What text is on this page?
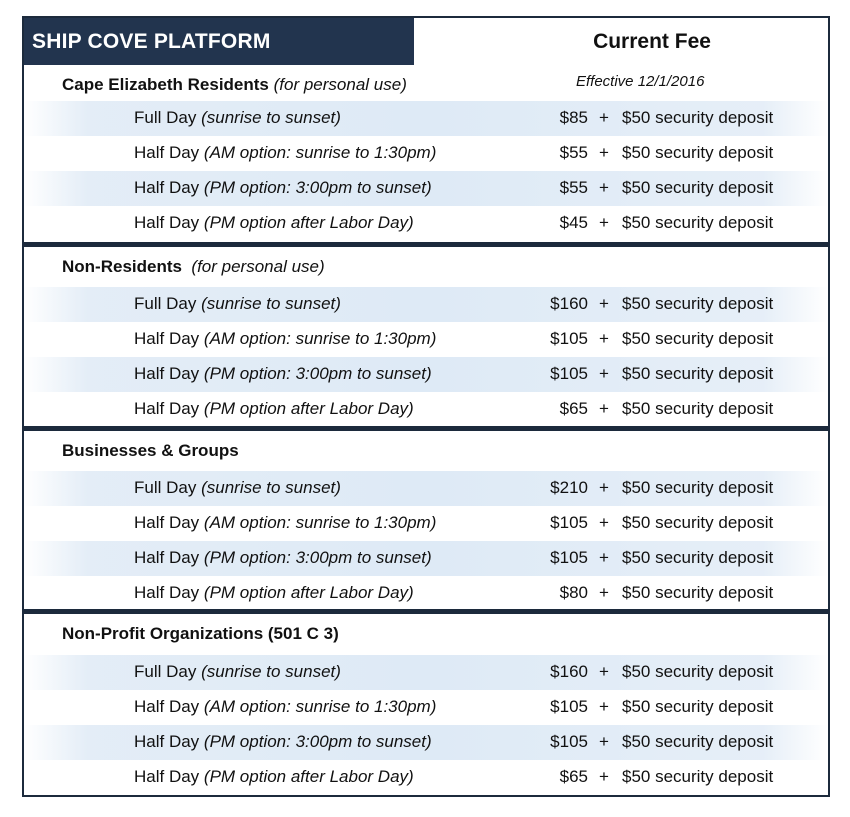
SHIP COVE PLATFORM	Current Fee
Cape Elizabeth Residents (for personal use)	Effective 12/1/2016
Full Day (sunrise to sunset)	$85 + $50 security deposit
Half Day (AM option: sunrise to 1:30pm)	$55 + $50 security deposit
Half Day (PM option: 3:00pm to sunset)	$55 + $50 security deposit
Half Day (PM option after Labor Day)	$45 + $50 security deposit
Non-Residents (for personal use)
Full Day (sunrise to sunset)	$160 + $50 security deposit
Half Day (AM option: sunrise to 1:30pm)	$105 + $50 security deposit
Half Day (PM option: 3:00pm to sunset)	$105 + $50 security deposit
Half Day (PM option after Labor Day)	$65 + $50 security deposit
Businesses & Groups
Full Day (sunrise to sunset)	$210 + $50 security deposit
Half Day (AM option: sunrise to 1:30pm)	$105 + $50 security deposit
Half Day (PM option: 3:00pm to sunset)	$105 + $50 security deposit
Half Day (PM option after Labor Day)	$80 + $50 security deposit
Non-Profit Organizations (501 C 3)
Full Day (sunrise to sunset)	$160 + $50 security deposit
Half Day (AM option: sunrise to 1:30pm)	$105 + $50 security deposit
Half Day (PM option: 3:00pm to sunset)	$105 + $50 security deposit
Half Day (PM option after Labor Day)	$65 + $50 security deposit
